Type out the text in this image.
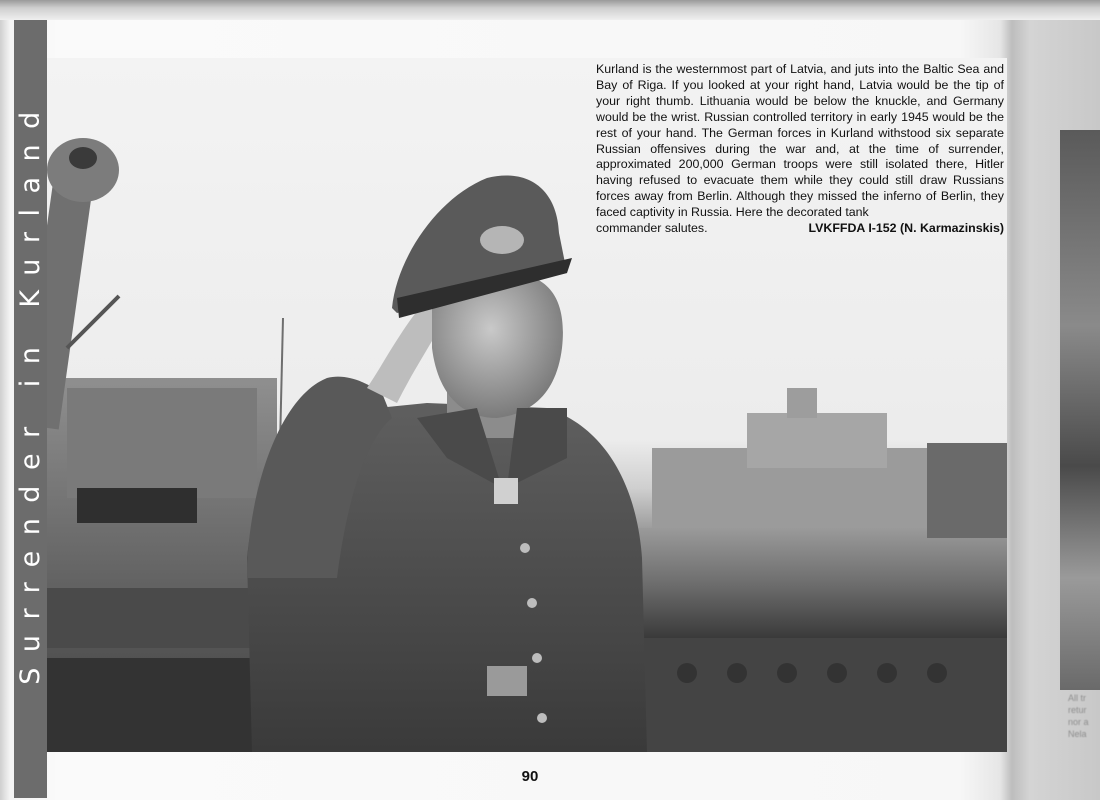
Surrender in Kurland
Kurland is the westernmost part of Latvia, and juts into the Baltic Sea and Bay of Riga. If you looked at your right hand, Latvia would be the tip of your right thumb. Lithuania would be below the knuckle, and Germany would be the wrist. Russian controlled territory in early 1945 would be the rest of your hand. The German forces in Kurland withstood six separate Russian offensives during the war and, at the time of surrender, approximated 200,000 German troops were still isolated there, Hitler having refused to evacuate them while they could still draw Russians forces away from Berlin. Although they missed the inferno of Berlin, they faced captivity in Russia. Here the decorated tank
commander salutes.	LVKFFDA I-152 (N. Karmazinskis)
90
All tr
retur
nor a
Nela
